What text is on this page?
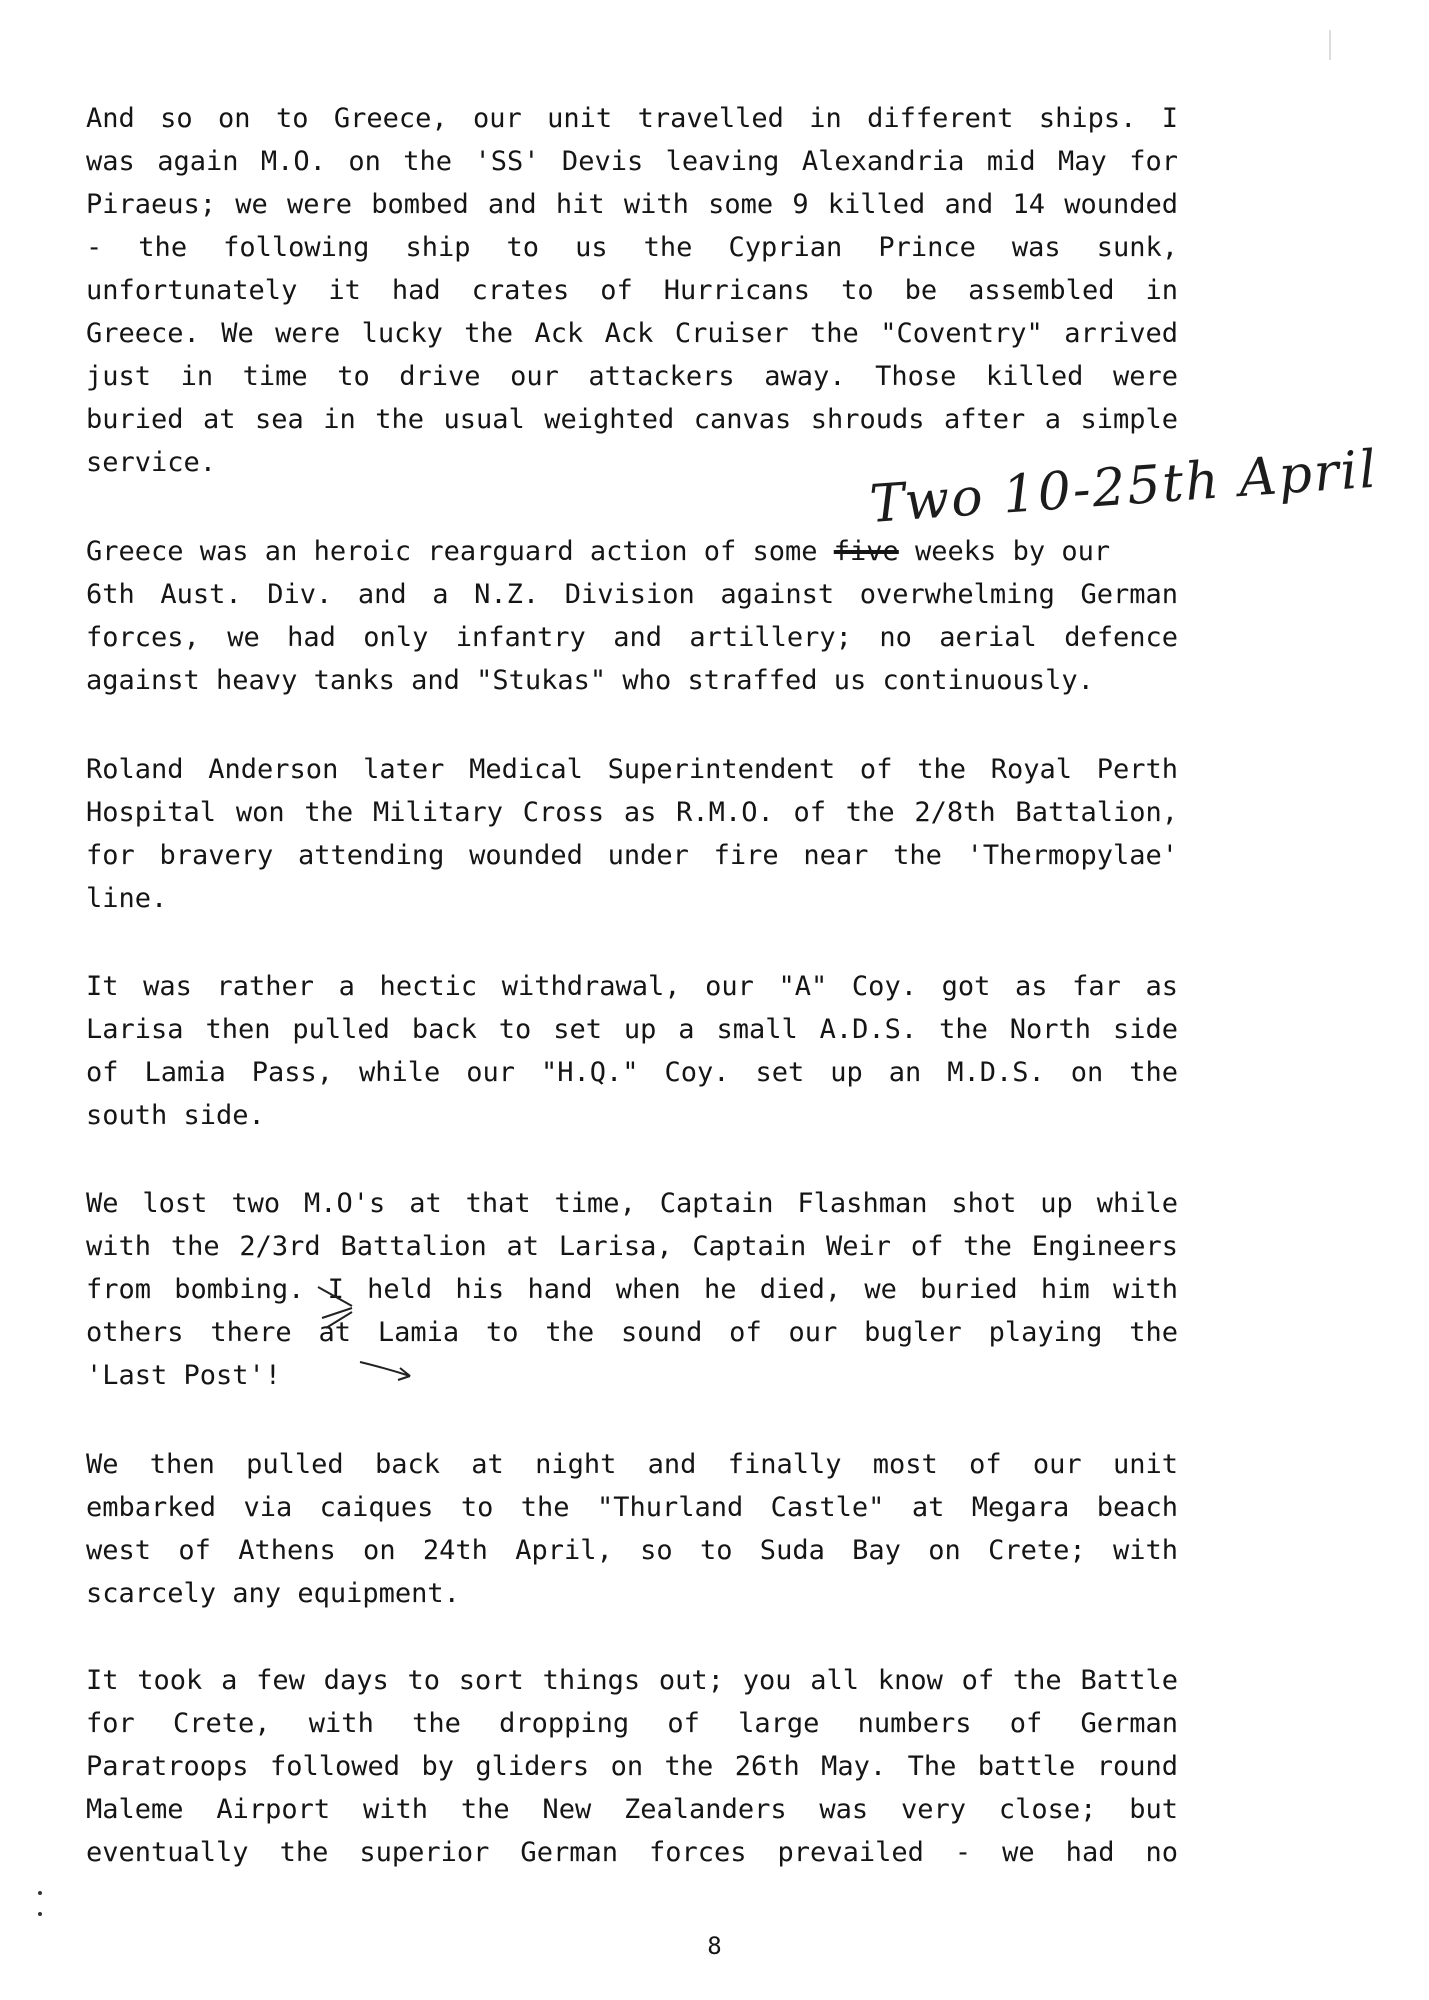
And so on to Greece, our unit travelled in different ships. I
was again M.O. on the 'SS' Devis leaving Alexandria mid May for
Piraeus; we were bombed and hit with some 9 killed and 14 wounded
- the following ship to us the Cyprian Prince was sunk,
unfortunately it had crates of Hurricans to be assembled in
Greece. We were lucky the Ack Ack Cruiser the "Coventry" arrived
just in time to drive our attackers away. Those killed were
buried at sea in the usual weighted canvas shrouds after a simple
service.	Two 10-25th April
Greece was an heroic rearguard action of some five weeks by our
6th Aust. Div. and a N.Z. Division against overwhelming German
forces, we had only infantry and artillery; no aerial defence
against heavy tanks and "Stukas" who straffed us continuously.
Roland Anderson later Medical Superintendent of the Royal Perth
Hospital won the Military Cross as R.M.O. of the 2/8th Battalion,
for bravery attending wounded under fire near the 'Thermopylae'
line.
It was rather a hectic withdrawal, our "A" Coy. got as far as
Larisa then pulled back to set up a small A.D.S. the North side
of Lamia Pass, while our "H.Q." Coy. set up an M.D.S. on the
south side.
We lost two M.O's at that time, Captain Flashman shot up while
with the 2/3rd Battalion at Larisa, Captain Weir of the Engineers
from bombing. I held his hand when he died, we buried him with
others there at Lamia to the sound of our bugler playing the
'Last Post'!
We then pulled back at night and finally most of our unit
embarked via caiques to the "Thurland Castle" at Megara beach
west of Athens on 24th April, so to Suda Bay on Crete; with
scarcely any equipment.
It took a few days to sort things out; you all know of the Battle
for Crete, with the dropping of large numbers of German
Paratroops followed by gliders on the 26th May. The battle round
Maleme Airport with the New Zealanders was very close; but
eventually the superior German forces prevailed - we had no
8
